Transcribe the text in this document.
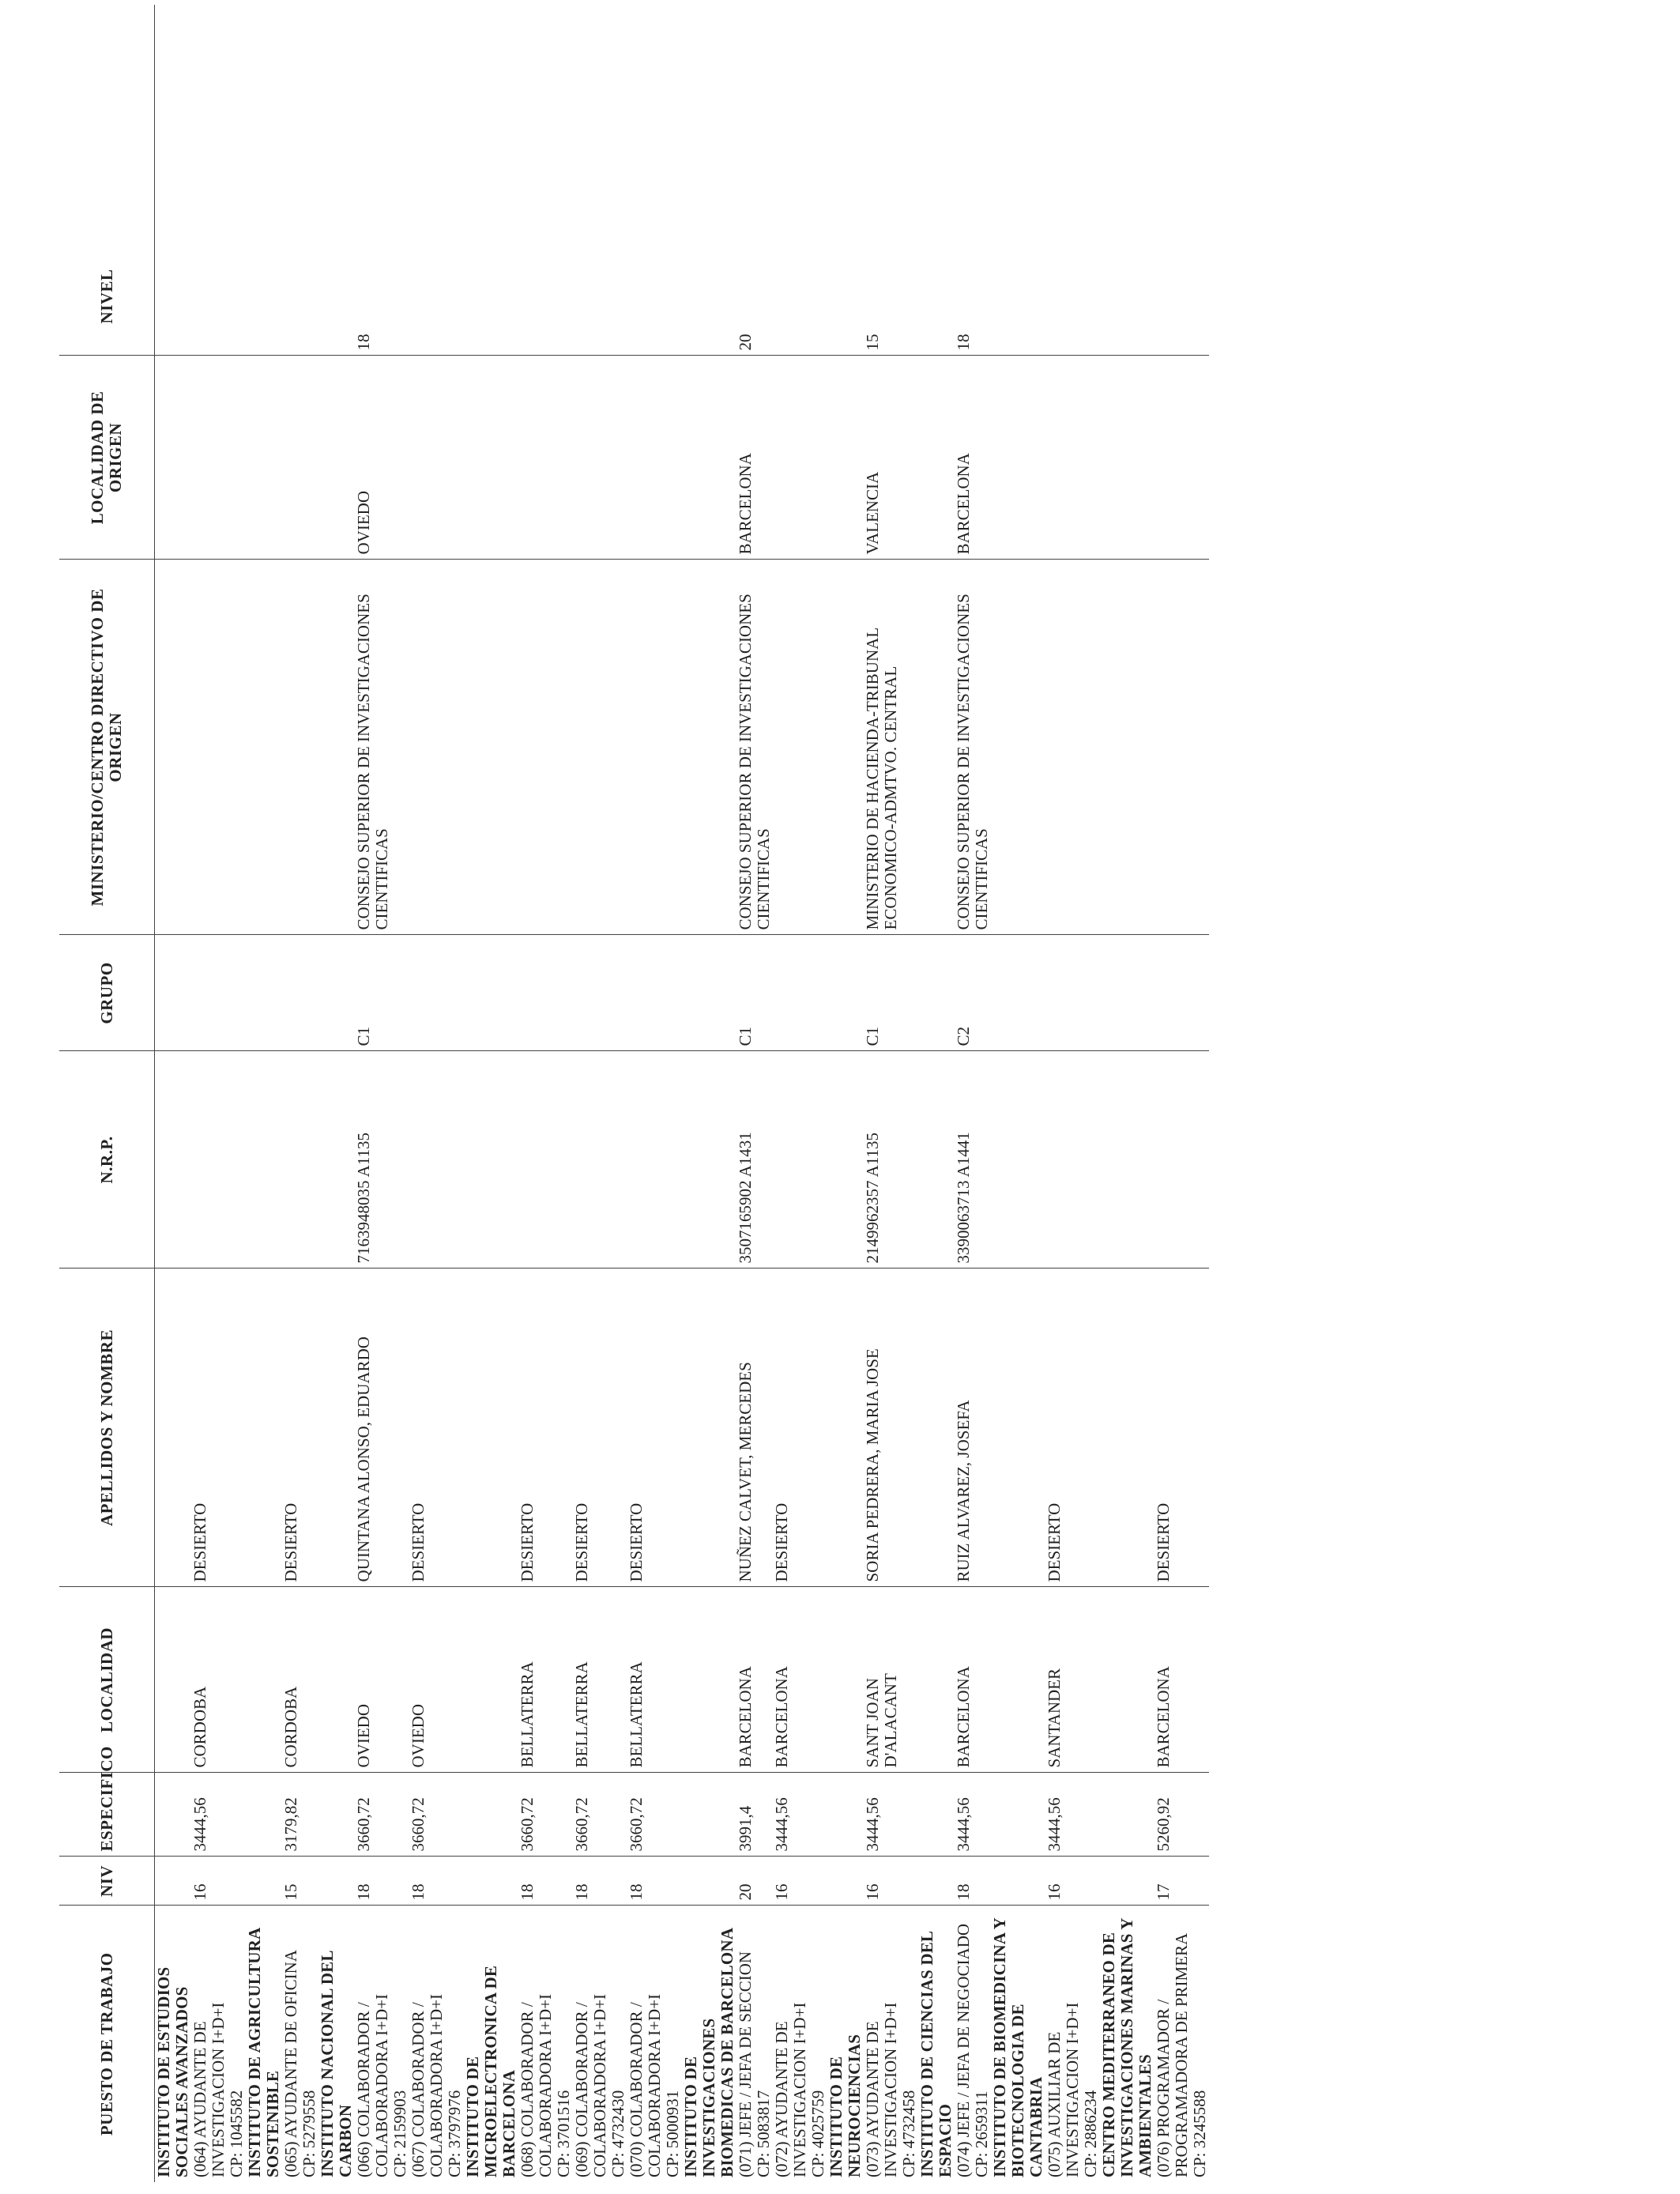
PUESTO DE TRABAJO	NIV	ESPECIFICO	LOCALIDAD	APELLIDOS Y NOMBRE	N.R.P.	GRUPO	MINISTERIO/CENTRO DIRECTIVO DE ORIGEN	LOCALIDAD DE ORIGEN	NIVEL
INSTITUTO DE ESTUDIOS SOCIALES AVANZADOS									

(064) AYUDANTE DE INVESTIGACION I+D+I CP: 1045582	16	3444,56	CORDOBA	DESIERTO					
INSTITUTO DE AGRICULTURA SOSTENIBLE									

(065) AYUDANTE DE OFICINA CP: 5279558	15	3179,82	CORDOBA	DESIERTO					
INSTITUTO NACIONAL DEL CARBON									

(066) COLABORADOR / COLABORADORA I+D+I CP: 2159903	18	3660,72	OVIEDO	QUINTANA ALONSO, EDUARDO	7163948035 A1135	C1	CONSEJO SUPERIOR DE INVESTIGACIONES CIENTIFICAS	OVIEDO	18

(067) COLABORADOR / COLABORADORA I+D+I CP: 3797976	18	3660,72	OVIEDO	DESIERTO					
INSTITUTO DE MICROELECTRONICA DE BARCELONA									

(068) COLABORADOR / COLABORADORA I+D+I CP: 3701516	18	3660,72	BELLATERRA	DESIERTO					

(069) COLABORADOR / COLABORADORA I+D+I CP: 4732430	18	3660,72	BELLATERRA	DESIERTO					

(070) COLABORADOR / COLABORADORA I+D+I CP: 5000931	18	3660,72	BELLATERRA	DESIERTO					
INSTITUTO DE INVESTIGACIONES BIOMEDICAS DE BARCELONA									

(071) JEFE / JEFA DE SECCION CP: 5083817	20	3991,4	BARCELONA	NUÑEZ CALVET, MERCEDES	3507165902 A1431	C1	CONSEJO SUPERIOR DE INVESTIGACIONES CIENTIFICAS	BARCELONA	20

(072) AYUDANTE DE INVESTIGACION I+D+I CP: 4025759	16	3444,56	BARCELONA	DESIERTO					
INSTITUTO DE NEUROCIENCIAS									

(073) AYUDANTE DE INVESTIGACION I+D+I CP: 4732458	16	3444,56	SANT JOAN D'ALACANT	SORIA PEDRERA, MARIA JOSE	2149962357 A1135	C1	MINISTERIO DE HACIENDA-TRIBUNAL ECONOMICO-ADMTVO. CENTRAL	VALENCIA	15
INSTITUTO DE CIENCIAS DEL ESPACIO									

(074) JEFE / JEFA DE NEGOCIADO CP: 2659311	18	3444,56	BARCELONA	RUIZ ALVAREZ, JOSEFA	3390063713 A1441	C2	CONSEJO SUPERIOR DE INVESTIGACIONES CIENTIFICAS	BARCELONA	18
INSTITUTO DE BIOMEDICINA Y BIOTECNOLOGIA DE CANTABRIA									

(075) AUXILIAR DE INVESTIGACION I+D+I CP: 2886234	16	3444,56	SANTANDER	DESIERTO					
CENTRO MEDITERRANEO DE INVESTIGACIONES MARINAS Y AMBIENTALES									

(076) PROGRAMADOR / PROGRAMADORA DE PRIMERA CP: 3245588	17	5260,92	BARCELONA	DESIERTO					
